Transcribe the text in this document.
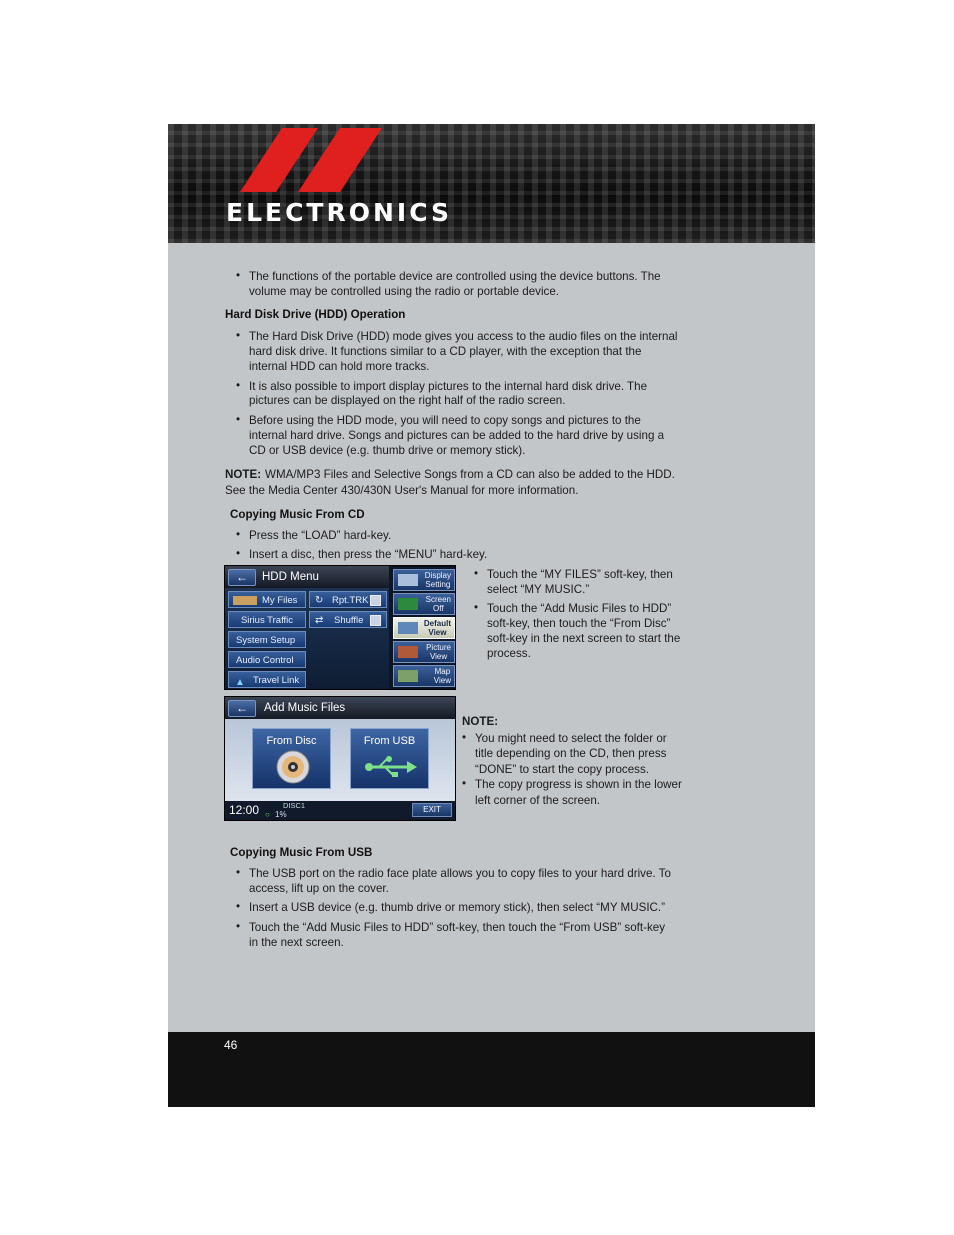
ELECTRONICS
• The functions of the portable device are controlled using the device buttons. The
volume may be controlled using the radio or portable device.
Hard Disk Drive (HDD) Operation
• The Hard Disk Drive (HDD) mode gives you access to the audio files on the internal
hard disk drive. It functions similar to a CD player, with the exception that the
internal HDD can hold more tracks.
• It is also possible to import display pictures to the internal hard disk drive. The
pictures can be displayed on the right half of the radio screen.
• Before using the HDD mode, you will need to copy songs and pictures to the
internal hard drive. Songs and pictures can be added to the hard drive by using a
CD or USB device (e.g. thumb drive or memory stick).
NOTE: WMA/MP3 Files and Selective Songs from a CD can also be added to the HDD.
See the Media Center 430/430N User's Manual for more information.
Copying Music From CD
• Press the “LOAD” hard-key.
• Insert a disc, then press the “MENU” hard-key.
←	HDD Menu
My Files
Sirius Traffic
System Setup
Audio Control
▲ Travel Link
↻ Rpt.TRK
⇄ Shuffle
Display
Setting
Screen
Off
Default
View
Picture
View
Map
View
• Touch the “MY FILES” soft-key, then
select “MY MUSIC.”
• Touch the “Add Music Files to HDD”
soft-key, then touch the “From Disc”
soft-key in the next screen to start the
process.
←	Add Music Files
From Disc	From USB
12:00	DISC1
○ 1%
EXIT
NOTE:
• You might need to select the folder or
title depending on the CD, then press
“DONE” to start the copy process.
• The copy progress is shown in the lower
left corner of the screen.
Copying Music From USB
• The USB port on the radio face plate allows you to copy files to your hard drive. To
access, lift up on the cover.
• Insert a USB device (e.g. thumb drive or memory stick), then select “MY MUSIC.”
• Touch the “Add Music Files to HDD” soft-key, then touch the “From USB” soft-key
in the next screen.
46
